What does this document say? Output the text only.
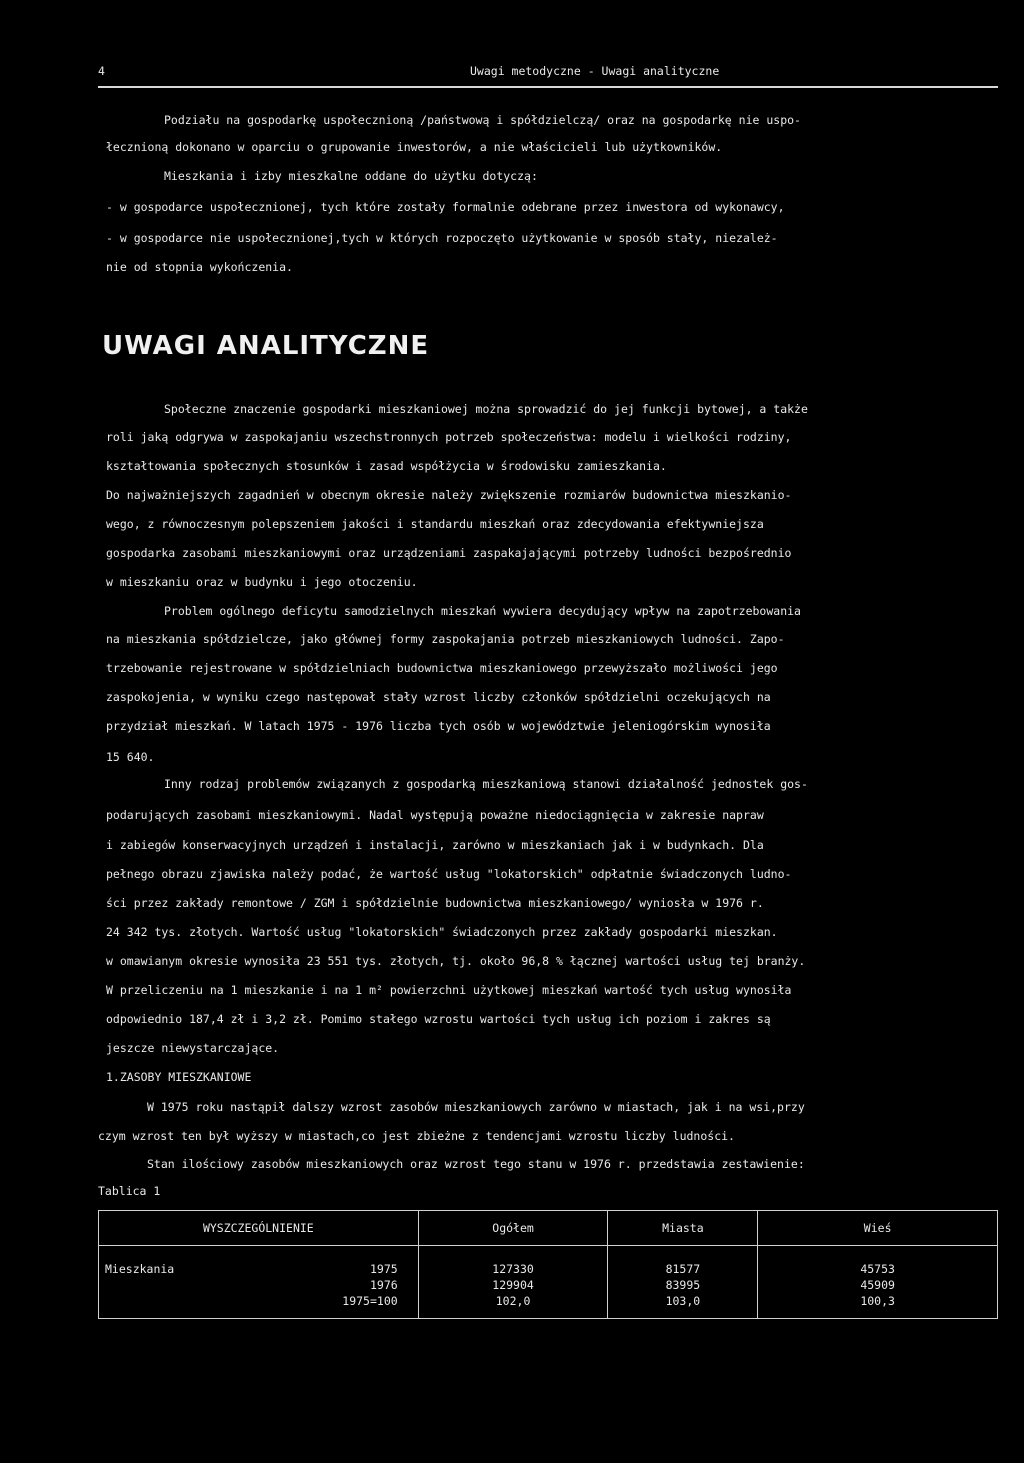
4	Uwagi metodyczne - Uwagi analityczne
Podziału na gospodarkę uspołecznioną /państwową i spółdzielczą/ oraz na gospodarkę nie uspo-
łecznioną dokonano w oparciu o grupowanie inwestorów, a nie właścicieli lub użytkowników.
Mieszkania i izby mieszkalne oddane do użytku dotyczą:
- w gospodarce uspołecznionej, tych które zostały formalnie odebrane przez inwestora od wykonawcy,
- w gospodarce nie uspołecznionej,tych w których rozpoczęto użytkowanie w sposób stały, niezależ-
nie od stopnia wykończenia.
UWAGI ANALITYCZNE
Społeczne znaczenie gospodarki mieszkaniowej można sprowadzić do jej funkcji bytowej, a także
roli jaką odgrywa w zaspokajaniu wszechstronnych potrzeb społeczeństwa: modelu i wielkości rodziny,
kształtowania społecznych stosunków i zasad współżycia w środowisku zamieszkania.
Do najważniejszych zagadnień w obecnym okresie należy zwiększenie rozmiarów budownictwa mieszkanio-
wego, z równoczesnym polepszeniem jakości i standardu mieszkań oraz zdecydowania efektywniejsza
gospodarka zasobami mieszkaniowymi oraz urządzeniami zaspakajającymi potrzeby ludności bezpośrednio
w mieszkaniu oraz w budynku i jego otoczeniu.
Problem ogólnego deficytu samodzielnych mieszkań wywiera decydujący wpływ na zapotrzebowania
na mieszkania spółdzielcze, jako głównej formy zaspokajania potrzeb mieszkaniowych ludności. Zapo-
trzebowanie rejestrowane w spółdzielniach budownictwa mieszkaniowego przewyższało możliwości jego
zaspokojenia, w wyniku czego następował stały wzrost liczby członków spółdzielni oczekujących na
przydział mieszkań. W latach 1975 - 1976 liczba tych osób w województwie jeleniogórskim wynosiła
15 640.
Inny rodzaj problemów związanych z gospodarką mieszkaniową stanowi działalność jednostek gos-
podarujących zasobami mieszkaniowymi. Nadal występują poważne niedociągnięcia w zakresie napraw
i zabiegów konserwacyjnych urządzeń i instalacji, zarówno w mieszkaniach jak i w budynkach. Dla
pełnego obrazu zjawiska należy podać, że wartość usług "lokatorskich" odpłatnie świadczonych ludno-
ści przez zakłady remontowe / ZGM i spółdzielnie budownictwa mieszkaniowego/ wyniosła w 1976 r.
24 342 tys. złotych. Wartość usług "lokatorskich" świadczonych przez zakłady gospodarki mieszkan.
w omawianym okresie wynosiła 23 551 tys. złotych, tj. około 96,8 % łącznej wartości usług tej branży.
W przeliczeniu na 1 mieszkanie i na 1 m² powierzchni użytkowej mieszkań wartość tych usług wynosiła
odpowiednio 187,4 zł i 3,2 zł. Pomimo stałego wzrostu wartości tych usług ich poziom i zakres są
jeszcze niewystarczające.
1.ZASOBY MIESZKANIOWE
W 1975 roku nastąpił dalszy wzrost zasobów mieszkaniowych zarówno w miastach, jak i na wsi,przy
czym wzrost ten był wyższy w miastach,co jest zbieżne z tendencjami wzrostu liczby ludności.
Stan ilościowy zasobów mieszkaniowych oraz wzrost tego stanu w 1976 r. przedstawia zestawienie:
Tablica 1
WYSZCZEGÓLNIENIE	Ogółem	Miasta	Wieś

Mieszkania 1975	127330	81577	45753
1976	129904	83995	45909
1975=100	102,0	103,0	100,3
